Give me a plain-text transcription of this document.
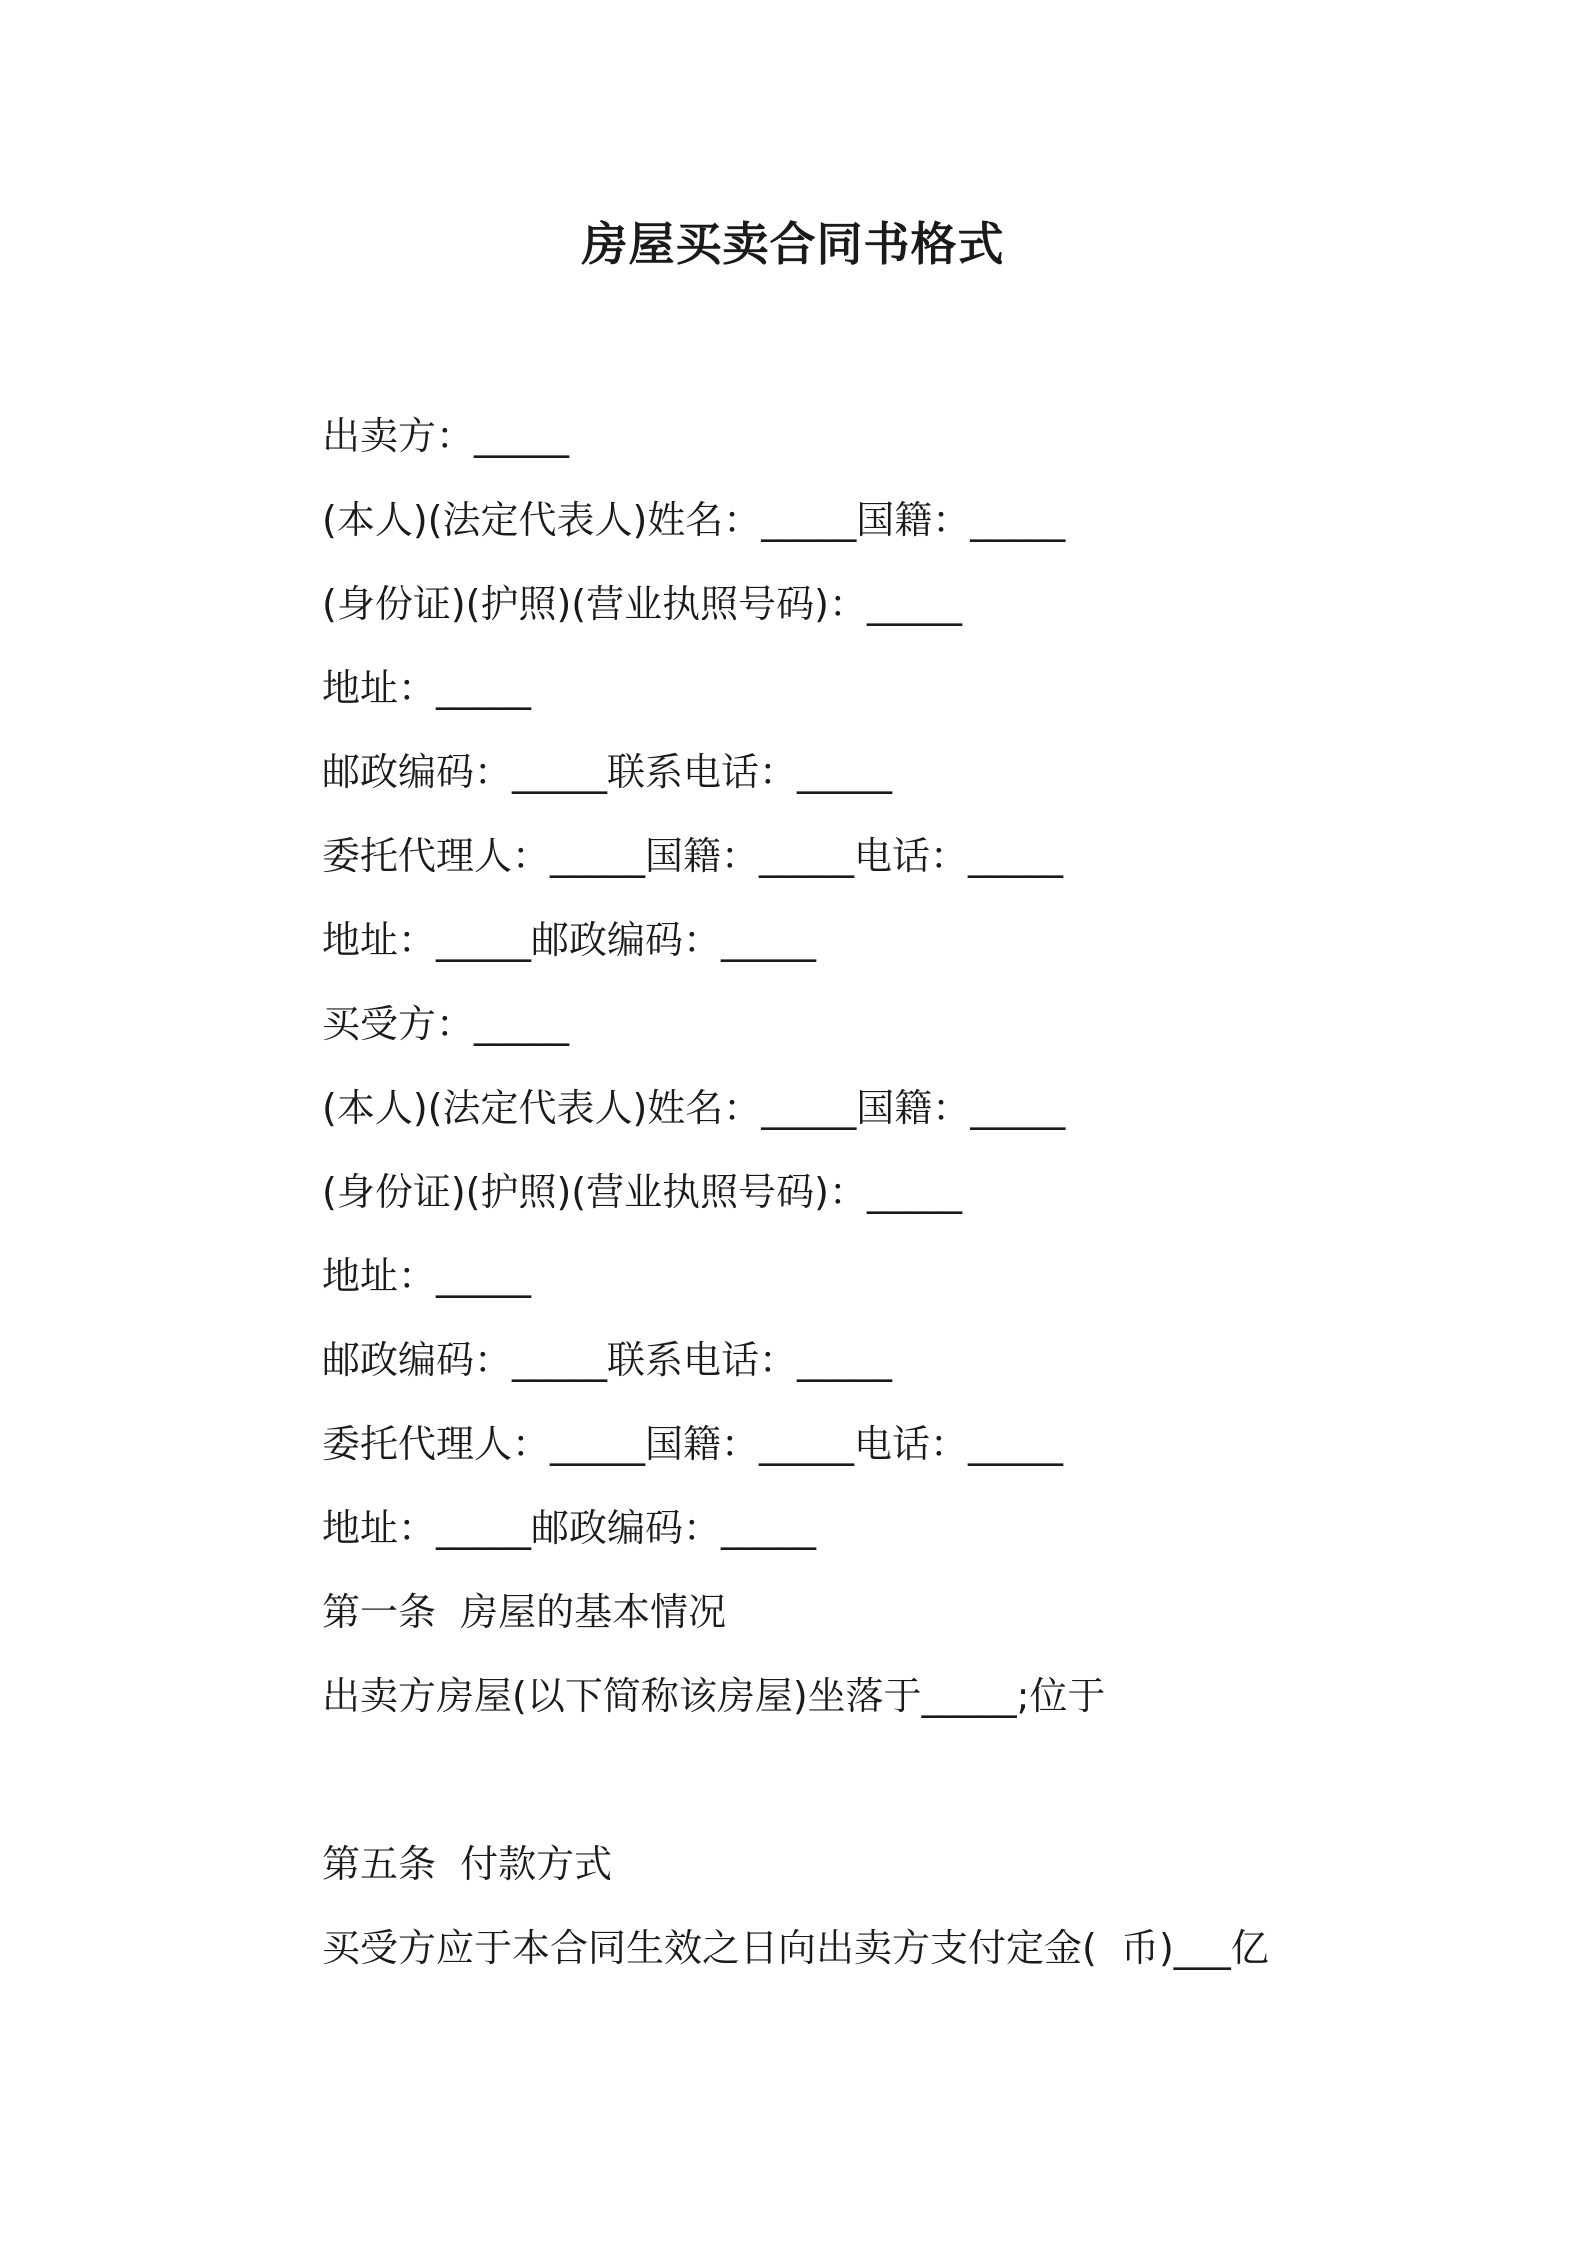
房屋买卖合同书格式
出卖方：_____
(本人)(法定代表人)姓名：_____国籍：_____
(身份证)(护照)(营业执照号码)：_____
地址：_____
邮政编码：_____联系电话：_____
委托代理人：_____国籍：_____电话：_____
地址：_____邮政编码：_____
买受方：_____
(本人)(法定代表人)姓名：_____国籍：_____
(身份证)(护照)(营业执照号码)：_____
地址：_____
邮政编码：_____联系电话：_____
委托代理人：_____国籍：_____电话：_____
地址：_____邮政编码：_____
第一条  房屋的基本情况
出卖方房屋(以下简称该房屋)坐落于_____;位于
第五条  付款方式
买受方应于本合同生效之日向出卖方支付定金(  币)___亿
